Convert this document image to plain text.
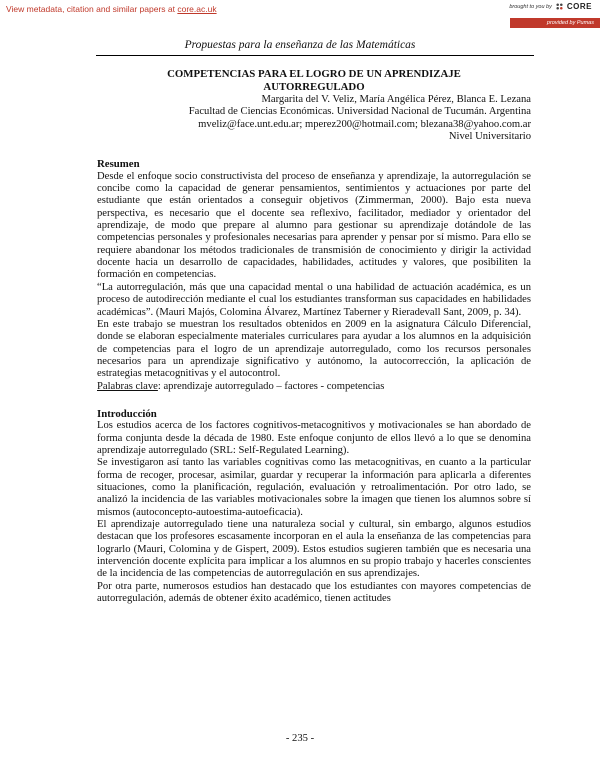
View metadata, citation and similar papers at core.ac.uk	brought to you by CORE
provided by Pumas
Propuestas para la enseñanza de las Matemáticas
COMPETENCIAS PARA EL LOGRO DE UN APRENDIZAJE
AUTORREGULADO

Margarita del V. Veliz, María Angélica Pérez, Blanca E. Lezana

Facultad de Ciencias Económicas. Universidad Nacional de Tucumán. Argentina

mveliz@face.unt.edu.ar; mperez200@hotmail.com; blezana38@yahoo.com.ar

Nivel Universitario

Resumen

Desde el enfoque socio constructivista del proceso de enseñanza y aprendizaje, la autorregulación se concibe como la capacidad de generar pensamientos, sentimientos y actuaciones por parte del estudiante que están orientados a conseguir objetivos (Zimmerman, 2000). Bajo esta nueva perspectiva, es necesario que el docente sea reflexivo, facilitador, mediador y orientador del aprendizaje, de modo que prepare al alumno para gestionar su aprendizaje dotándole de las competencias personales y profesionales necesarias para aprender y pensar por sí mismo. Para ello se requiere abandonar los métodos tradicionales de transmisión de conocimiento y dirigir la actividad docente hacia un desarrollo de capacidades, habilidades, actitudes y valores, que posibiliten la formación en competencias.

“La autorregulación, más que una capacidad mental o una habilidad de actuación académica, es un proceso de autodirección mediante el cual los estudiantes transforman sus capacidades en habilidades académicas”. (Mauri Majós, Colomina Álvarez, Martínez Taberner y Rieradevall Sant, 2009, p. 34).

En este trabajo se muestran los resultados obtenidos en 2009 en la asignatura Cálculo Diferencial, donde se elaboran especialmente materiales curriculares para ayudar a los alumnos en la adquisición de competencias para el logro de un aprendizaje autorregulado, como los recursos personales necesarios para un aprendizaje significativo y autónomo, la autocorrección, la aplicación de estrategias metacognitivas y el autocontrol.

Palabras clave: aprendizaje autorregulado – factores - competencias

Introducción

Los estudios acerca de los factores cognitivos-metacognitivos y motivacionales se han abordado de forma conjunta desde la década de 1980. Este enfoque conjunto de ellos llevó a lo que se denomina aprendizaje autorregulado (SRL: Self-Regulated Learning).

Se investigaron así tanto las variables cognitivas como las metacognitivas, en cuanto a la particular forma de recoger, procesar, asimilar, guardar y recuperar la información para aplicarla a diferentes situaciones, como la planificación, regulación, evaluación y retroalimentación. Por otro lado, se analizó la incidencia de las variables motivacionales sobre la imagen que tienen los alumnos sobre sí mismos (autoconcepto-autoestima-autoeficacia).

El aprendizaje autorregulado tiene una naturaleza social y cultural, sin embargo, algunos estudios destacan que los profesores escasamente incorporan en el aula la enseñanza de las competencias para lograrlo (Mauri, Colomina y de Gispert, 2009). Estos estudios sugieren también que es necesaria una intervención docente explícita para implicar a los alumnos en su propio trabajo y hacerles conscientes de la incidencia de las competencias de autorregulación en sus aprendizajes.

Por otra parte, numerosos estudios han destacado que los estudiantes con mayores competencias de autorregulación, además de obtener éxito académico, tienen actitudes

- 235 -
